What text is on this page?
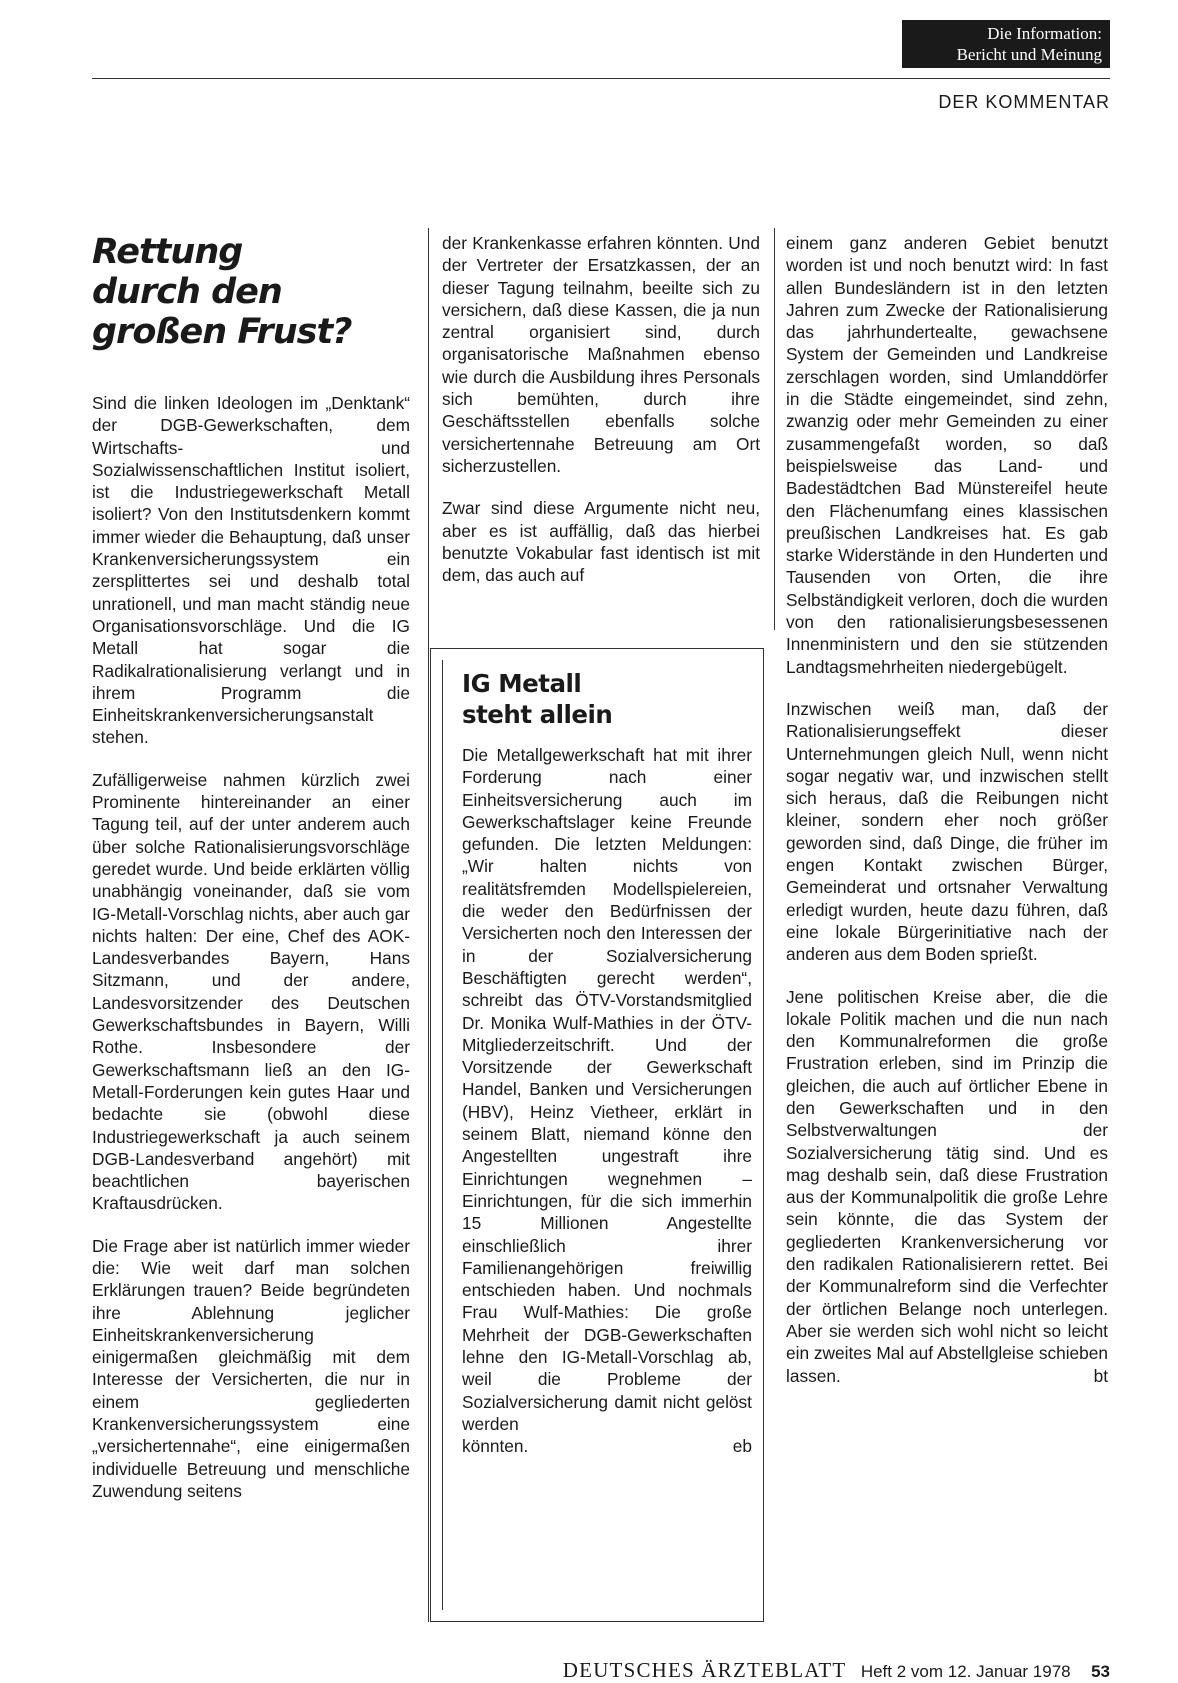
Die Information:
Bericht und Meinung
DER KOMMENTAR
Rettung
durch den
großen Frust?

Sind die linken Ideologen im „Denktank“ der DGB-Gewerkschaften, dem Wirtschafts- und Sozialwissenschaftlichen Institut isoliert, ist die Industriegewerkschaft Metall isoliert? Von den Institutsdenkern kommt immer wieder die Behauptung, daß unser Krankenversicherungssystem ein zersplittertes sei und deshalb total unrationell, und man macht ständig neue Organisationsvorschläge. Und die IG Metall hat sogar die Radikalrationalisierung verlangt und in ihrem Programm die Einheitskrankenversicherungsanstalt stehen.

Zufälligerweise nahmen kürzlich zwei Prominente hintereinander an einer Tagung teil, auf der unter anderem auch über solche Rationalisierungsvorschläge geredet wurde. Und beide erklärten völlig unabhängig voneinander, daß sie vom IG-Metall-Vorschlag nichts, aber auch gar nichts halten: Der eine, Chef des AOK-Landesverbandes Bayern, Hans Sitzmann, und der andere, Landesvorsitzender des Deutschen Gewerkschaftsbundes in Bayern, Willi Rothe. Insbesondere der Gewerkschaftsmann ließ an den IG-Metall-Forderungen kein gutes Haar und bedachte sie (obwohl diese Industriegewerkschaft ja auch seinem DGB-Landesverband angehört) mit beachtlichen bayerischen Kraftausdrücken.

Die Frage aber ist natürlich immer wieder die: Wie weit darf man solchen Erklärungen trauen? Beide begründeten ihre Ablehnung jeglicher Einheitskrankenversicherung einigermaßen gleichmäßig mit dem Interesse der Versicherten, die nur in einem gegliederten Krankenversicherungssystem eine „versichertennahe“, eine einigermaßen individuelle Betreuung und menschliche Zuwendung seitens

der Krankenkasse erfahren könnten. Und der Vertreter der Ersatzkassen, der an dieser Tagung teilnahm, beeilte sich zu versichern, daß diese Kassen, die ja nun zentral organisiert sind, durch organisatorische Maßnahmen ebenso wie durch die Ausbildung ihres Personals sich bemühten, durch ihre Geschäftsstellen ebenfalls solche versichertennahe Betreuung am Ort sicherzustellen.

Zwar sind diese Argumente nicht neu, aber es ist auffällig, daß das hierbei benutzte Vokabular fast identisch ist mit dem, das auch auf

IG Metall
steht allein
Die Metallgewerkschaft hat mit ihrer Forderung nach einer Einheitsversicherung auch im Gewerkschaftslager keine Freunde gefunden. Die letzten Meldungen: „Wir halten nichts von realitätsfremden Modellspielereien, die weder den Bedürfnissen der Versicherten noch den Interessen der in der Sozialversicherung Beschäftigten gerecht werden“, schreibt das ÖTV-Vorstandsmitglied Dr. Monika Wulf-Mathies in der ÖTV-Mitgliederzeitschrift. Und der Vorsitzende der Gewerkschaft Handel, Banken und Versicherungen (HBV), Heinz Vietheer, erklärt in seinem Blatt, niemand könne den Angestellten ungestraft ihre Einrichtungen wegnehmen – Einrichtungen, für die sich immerhin 15 Millionen Angestellte einschließlich ihrer Familienangehörigen freiwillig entschieden haben. Und nochmals Frau Wulf-Mathies: Die große Mehrheit der DGB-Gewerkschaften lehne den IG-Metall-Vorschlag ab, weil die Probleme der Sozialversicherung damit nicht gelöst werden
könnten.	eb

einem ganz anderen Gebiet benutzt worden ist und noch benutzt wird: In fast allen Bundesländern ist in den letzten Jahren zum Zwecke der Rationalisierung das jahrhundertealte, gewachsene System der Gemeinden und Landkreise zerschlagen worden, sind Umlanddörfer in die Städte eingemeindet, sind zehn, zwanzig oder mehr Gemeinden zu einer zusammengefaßt worden, so daß beispielsweise das Land- und Badestädtchen Bad Münstereifel heute den Flächenumfang eines klassischen preußischen Landkreises hat. Es gab starke Widerstände in den Hunderten und Tausenden von Orten, die ihre Selbständigkeit verloren, doch die wurden von den rationalisierungsbesessenen Innenministern und den sie stützenden Landtagsmehrheiten niedergebügelt.

Inzwischen weiß man, daß der Rationalisierungseffekt dieser Unternehmungen gleich Null, wenn nicht sogar negativ war, und inzwischen stellt sich heraus, daß die Reibungen nicht kleiner, sondern eher noch größer geworden sind, daß Dinge, die früher im engen Kontakt zwischen Bürger, Gemeinderat und ortsnaher Verwaltung erledigt wurden, heute dazu führen, daß eine lokale Bürgerinitiative nach der anderen aus dem Boden sprießt.

Jene politischen Kreise aber, die die lokale Politik machen und die nun nach den Kommunalreformen die große Frustration erleben, sind im Prinzip die gleichen, die auch auf örtlicher Ebene in den Gewerkschaften und in den Selbstverwaltungen der Sozialversicherung tätig sind. Und es mag deshalb sein, daß diese Frustration aus der Kommunalpolitik die große Lehre sein könnte, die das System der gegliederten Krankenversicherung vor den radikalen Rationalisierern rettet. Bei der Kommunalreform sind die Verfechter der örtlichen Belange noch unterlegen. Aber sie werden sich wohl nicht so leicht ein zweites Mal auf Abstellgleise schieben lassen.	bt

DEUTSCHES ÄRZTEBLATT Heft 2 vom 12. Januar 1978 53
